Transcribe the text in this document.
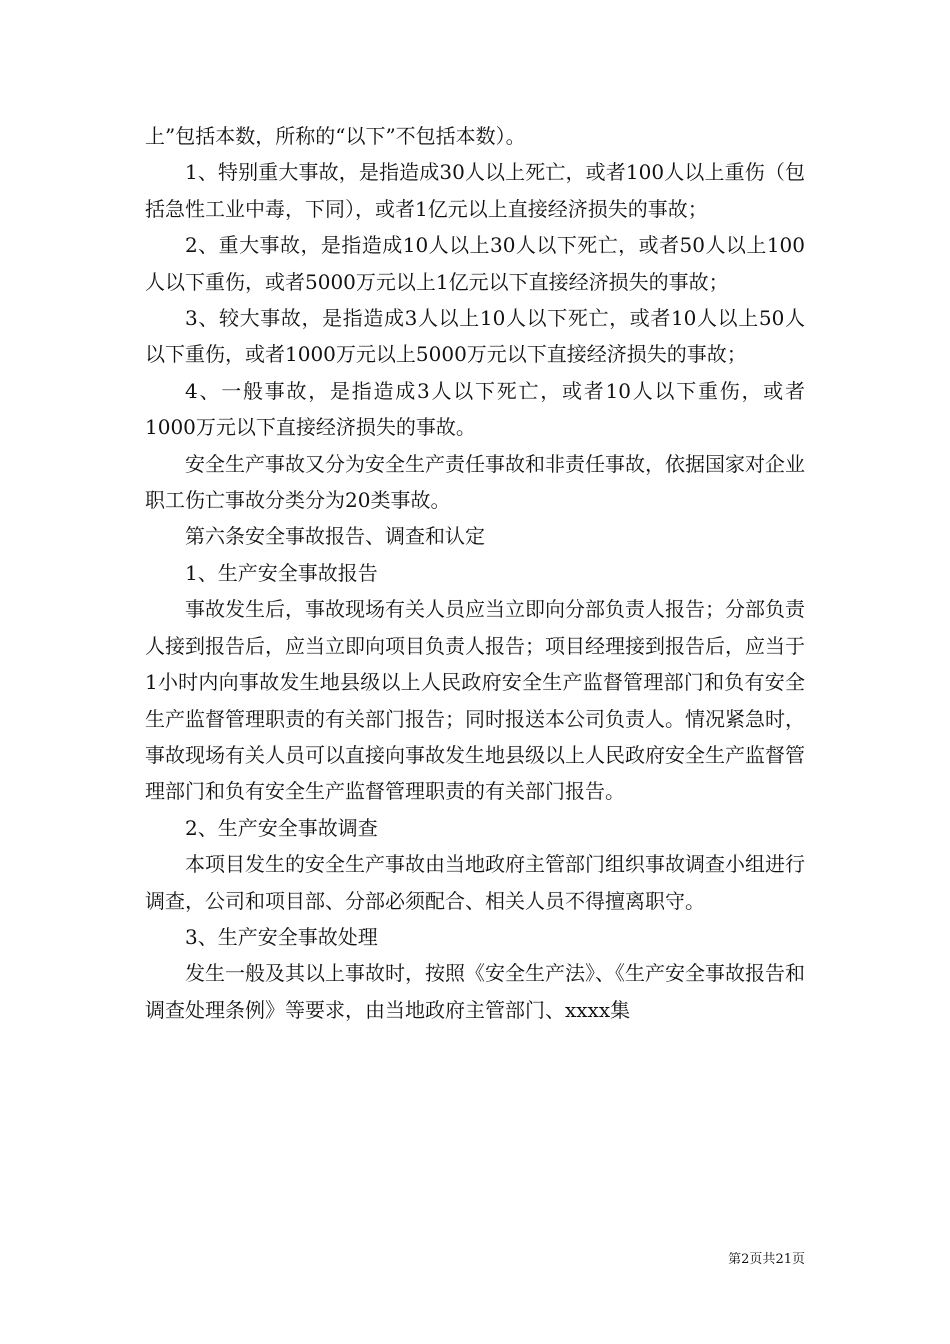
上”包括本数，所称的“以下”不包括本数）。

1、特别重大事故，是指造成30人以上死亡，或者100人以上重伤（包括急性工业中毒，下同），或者1亿元以上直接经济损失的事故；

2、重大事故，是指造成10人以上30人以下死亡，或者50人以上100人以下重伤，或者5000万元以上1亿元以下直接经济损失的事故；

3、较大事故，是指造成3人以上10人以下死亡，或者10人以上50人以下重伤，或者1000万元以上5000万元以下直接经济损失的事故；

4、一般事故，是指造成3人以下死亡，或者10人以下重伤，或者1000万元以下直接经济损失的事故。

安全生产事故又分为安全生产责任事故和非责任事故，依据国家对企业职工伤亡事故分类分为20类事故。

第六条安全事故报告、调查和认定

1、生产安全事故报告

事故发生后，事故现场有关人员应当立即向分部负责人报告；分部负责人接到报告后，应当立即向项目负责人报告；项目经理接到报告后，应当于1小时内向事故发生地县级以上人民政府安全生产监督管理部门和负有安全生产监督管理职责的有关部门报告；同时报送本公司负责人。情况紧急时，事故现场有关人员可以直接向事故发生地县级以上人民政府安全生产监督管理部门和负有安全生产监督管理职责的有关部门报告。

2、生产安全事故调查

本项目发生的安全生产事故由当地政府主管部门组织事故调查小组进行调查，公司和项目部、分部必须配合、相关人员不得擅离职守。

3、生产安全事故处理

发生一般及其以上事故时，按照《安全生产法》、《生产安全事故报告和调查处理条例》等要求，由当地政府主管部门、xxxx集

第2页共21页
